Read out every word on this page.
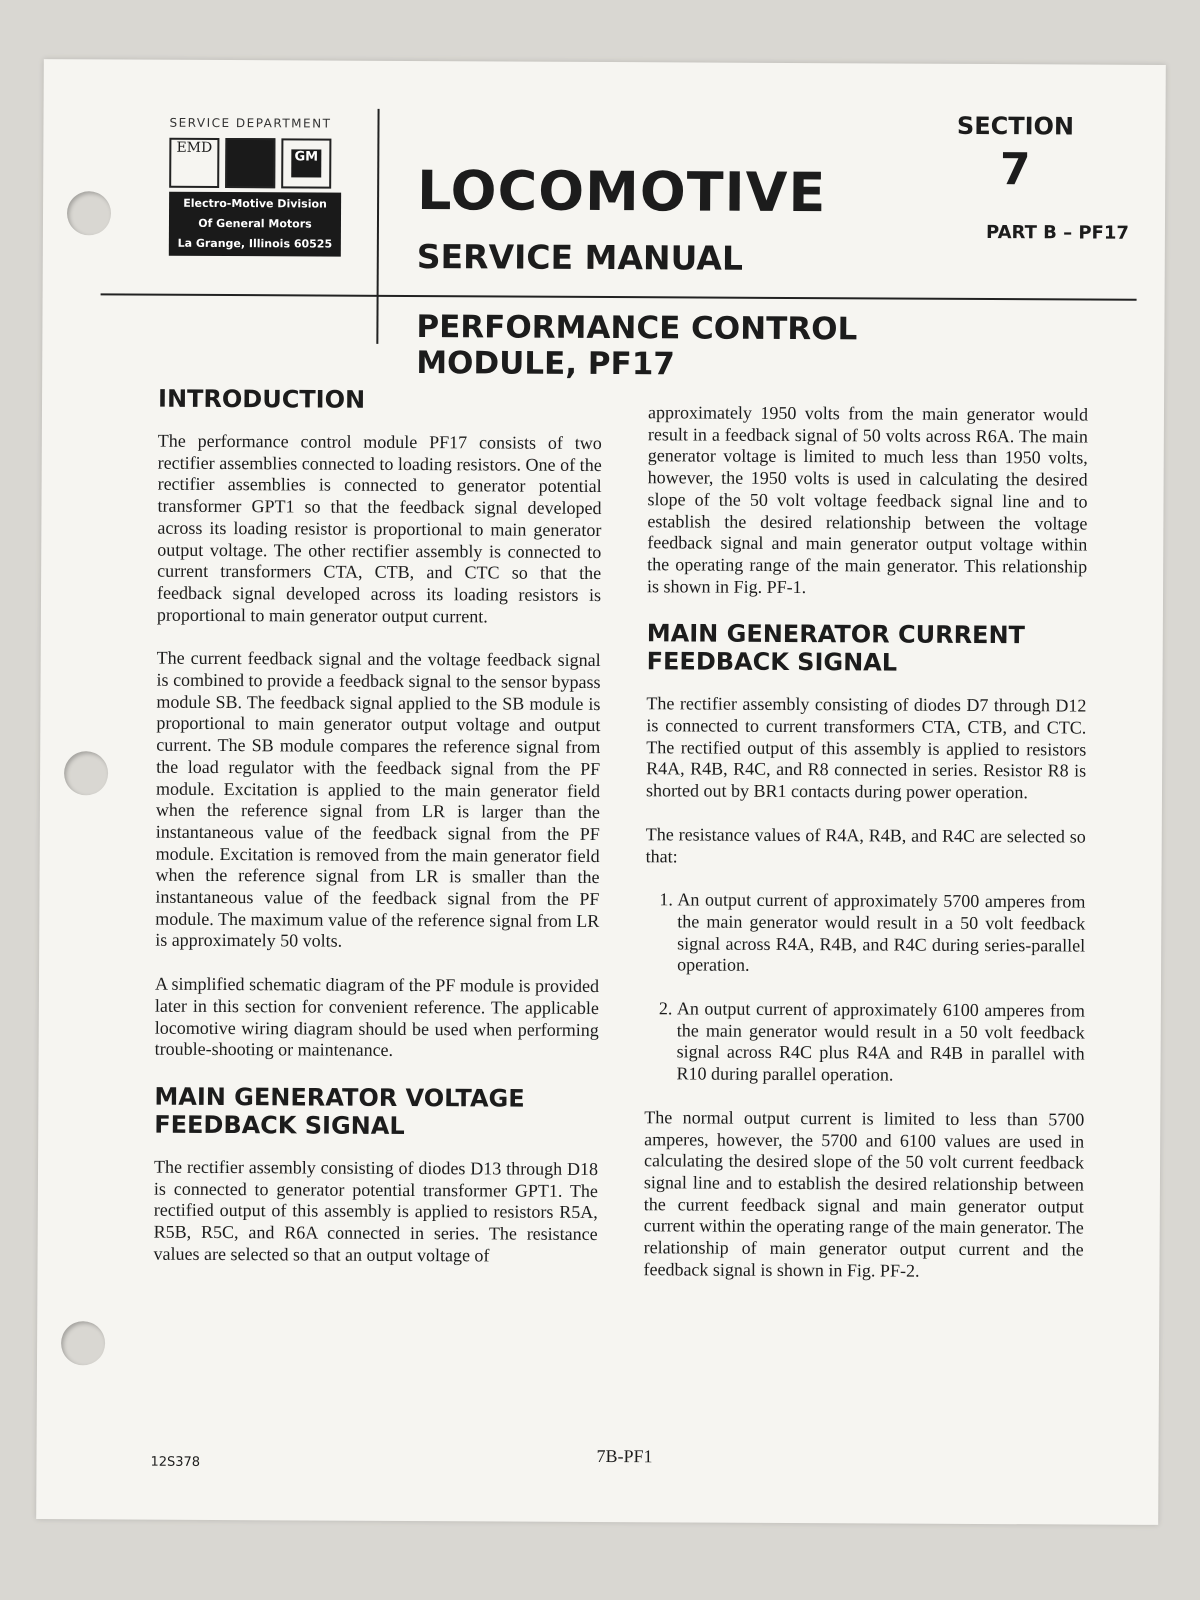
SERVICE DEPARTMENT
EMDGM
Electro-Motive Division
Of General Motors
La Grange, Illinois 60525
LOCOMOTIVE
SERVICE MANUAL
SECTION
7
PART B – PF17
PERFORMANCE CONTROL
MODULE, PF17
INTRODUCTION

The performance control module PF17 consists of two rectifier assemblies connected to loading resistors. One of the rectifier assemblies is connected to generator potential transformer GPT1 so that the feedback signal developed across its loading resistor is proportional to main generator output voltage. The other rectifier assembly is connected to current transformers CTA, CTB, and CTC so that the feedback signal developed across its loading resistors is proportional to main generator output current.

The current feedback signal and the voltage feedback signal is combined to provide a feedback signal to the sensor bypass module SB. The feedback signal applied to the SB module is proportional to main generator output voltage and output current. The SB module compares the reference signal from the load regulator with the feedback signal from the PF module. Excitation is applied to the main generator field when the reference signal from LR is larger than the instantaneous value of the feedback signal from the PF module. Excitation is removed from the main generator field when the reference signal from LR is smaller than the instantaneous value of the feedback signal from the PF module. The maximum value of the reference signal from LR is approximately 50 volts.

A simplified schematic diagram of the PF module is provided later in this section for convenient reference. The applicable locomotive wiring diagram should be used when performing trouble-shooting or maintenance.

MAIN GENERATOR VOLTAGE FEEDBACK SIGNAL

The rectifier assembly consisting of diodes D13 through D18 is connected to generator potential transformer GPT1. The rectified output of this assembly is applied to resistors R5A, R5B, R5C, and R6A connected in series. The resistance values are selected so that an output voltage of

approximately 1950 volts from the main generator would result in a feedback signal of 50 volts across R6A. The main generator voltage is limited to much less than 1950 volts, however, the 1950 volts is used in calculating the desired slope of the 50 volt voltage feedback signal line and to establish the desired relationship between the voltage feedback signal and main generator output voltage within the operating range of the main generator. This relationship is shown in Fig. PF-1.

MAIN GENERATOR CURRENT FEEDBACK SIGNAL

The rectifier assembly consisting of diodes D7 through D12 is connected to current transformers CTA, CTB, and CTC. The rectified output of this assembly is applied to resistors R4A, R4B, R4C, and R8 connected in series. Resistor R8 is shorted out by BR1 contacts during power operation.

The resistance values of R4A, R4B, and R4C are selected so that:

1. An output current of approximately 5700 amperes from the main generator would result in a 50 volt feedback signal across R4A, R4B, and R4C during series-parallel operation.
2. An output current of approximately 6100 amperes from the main generator would result in a 50 volt feedback signal across R4C plus R4A and R4B in parallel with R10 during parallel operation.

The normal output current is limited to less than 5700 amperes, however, the 5700 and 6100 values are used in calculating the desired slope of the 50 volt current feedback signal line and to establish the desired relationship between the current feedback signal and main generator output current within the operating range of the main generator. The relationship of main generator output current and the feedback signal is shown in Fig. PF-2.

12S378	7B-PF1
